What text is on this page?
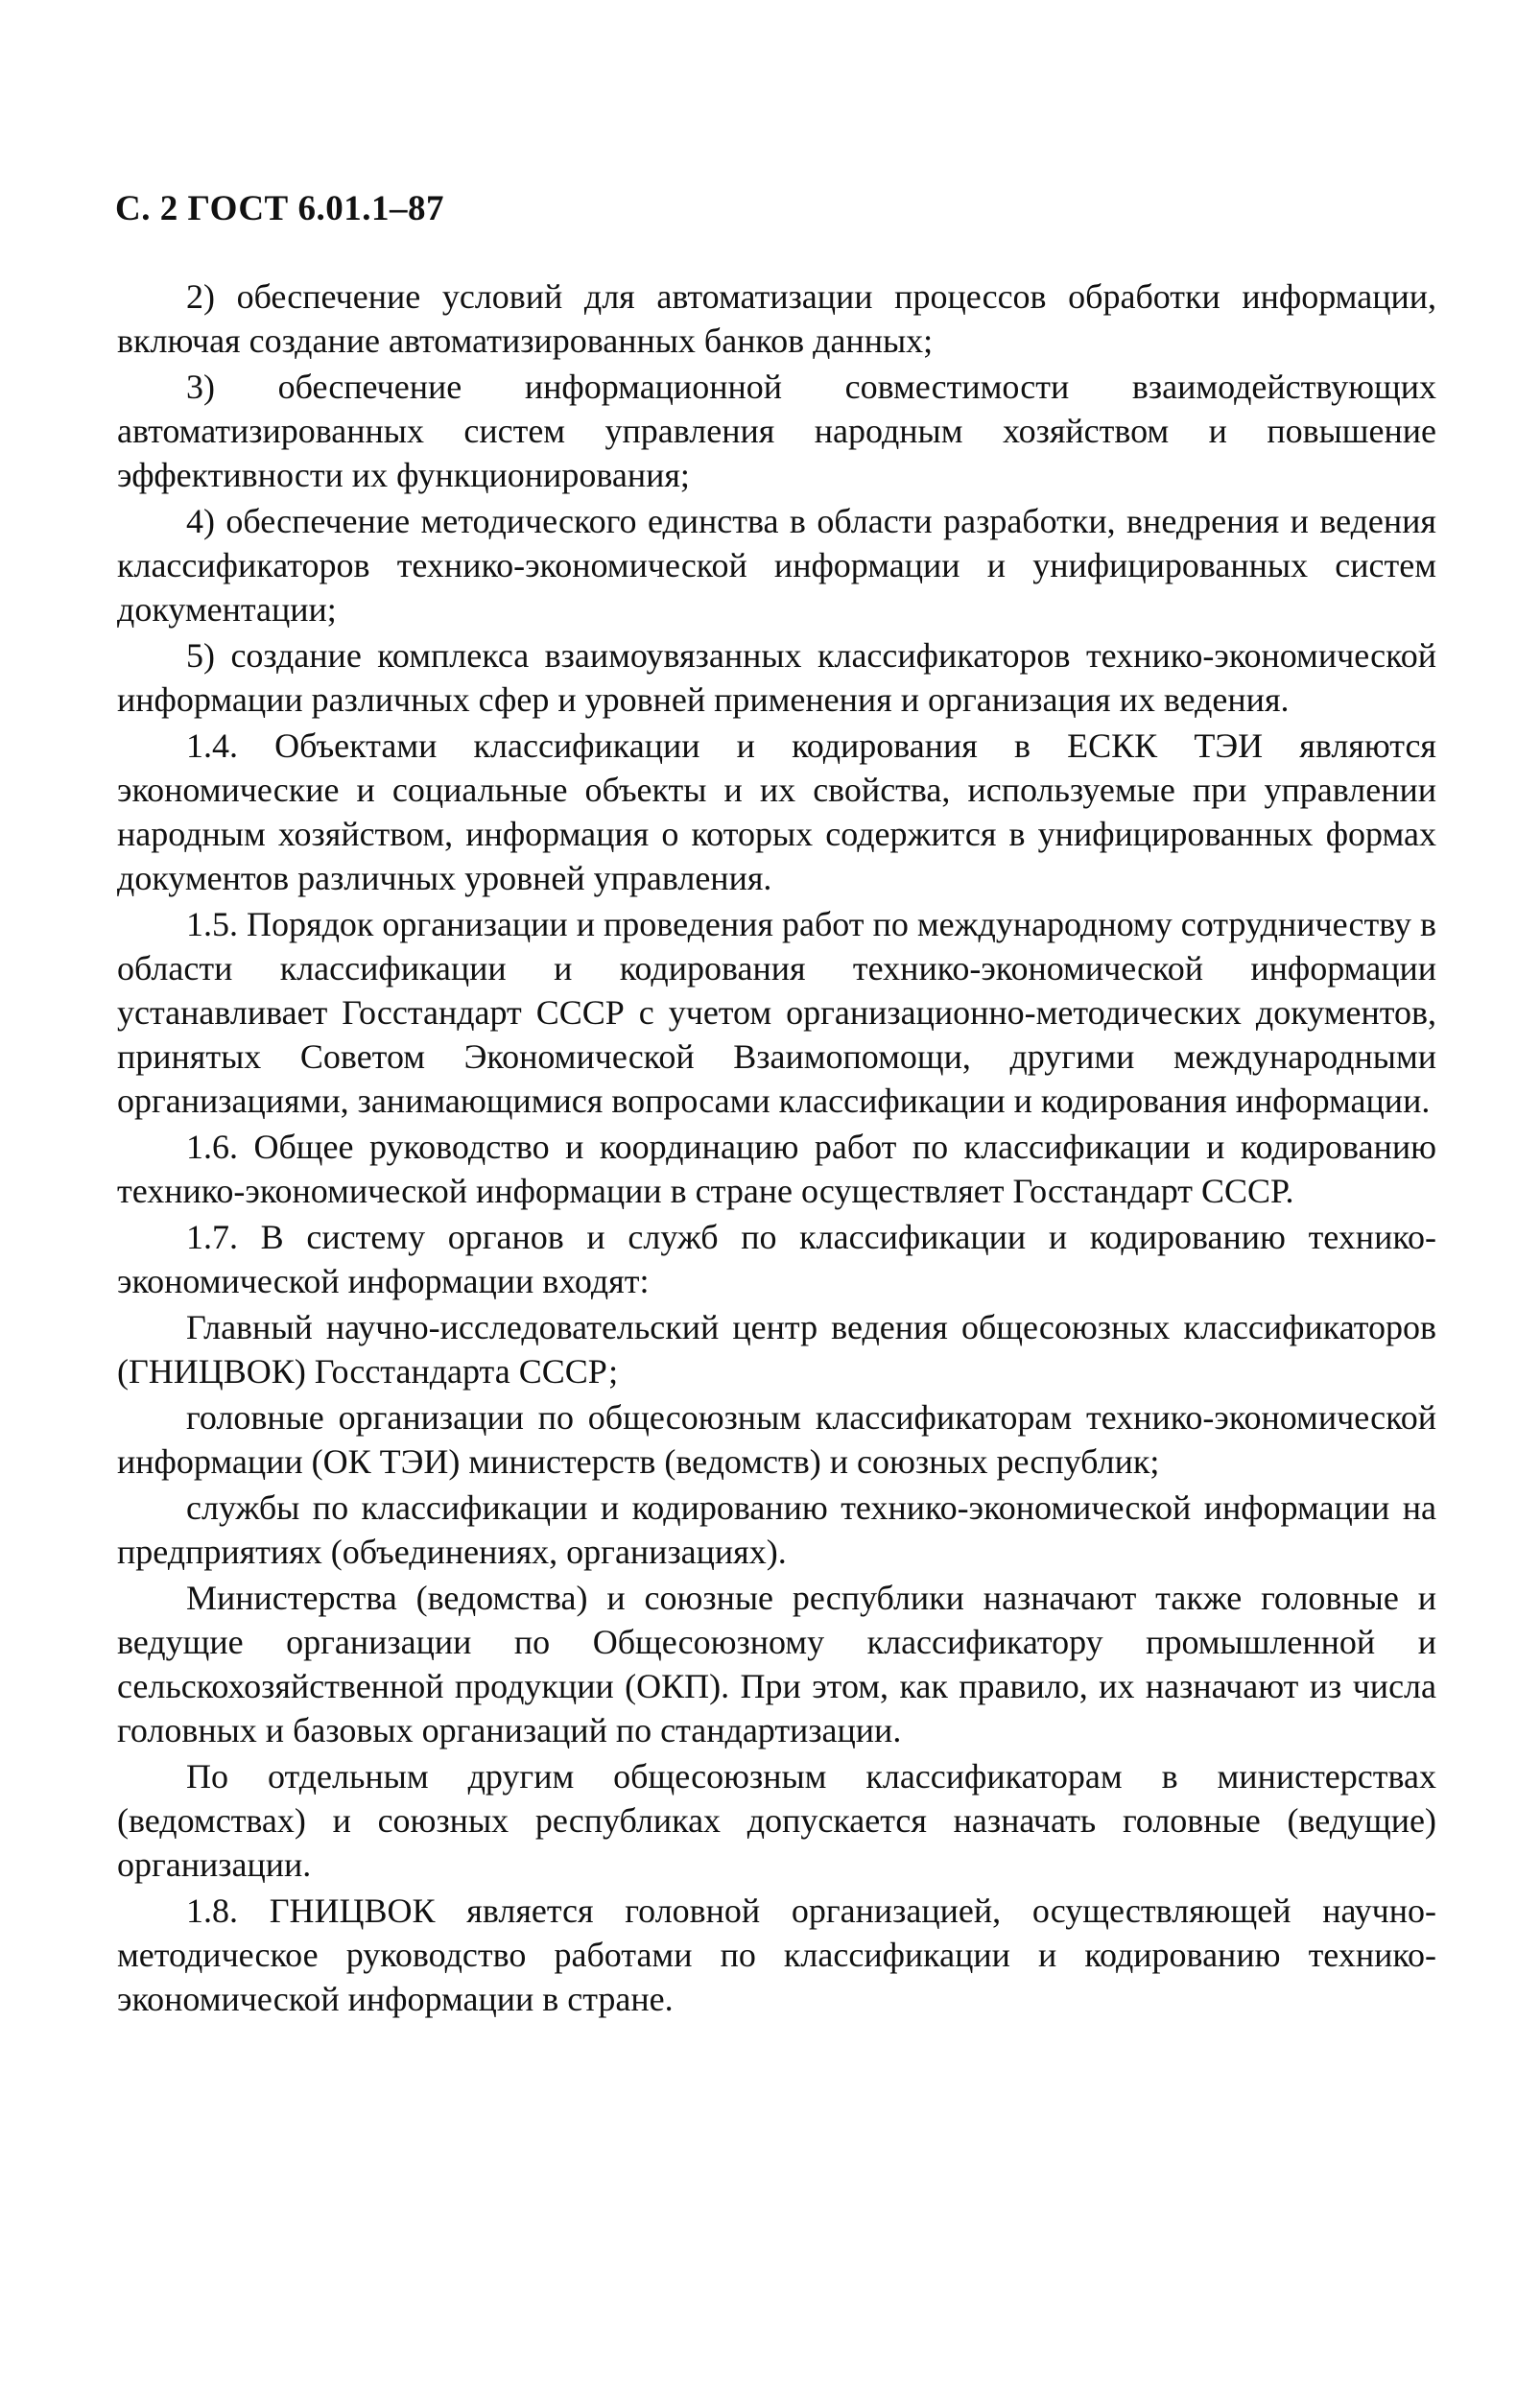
С. 2 ГОСТ 6.01.1–87

2) обеспечение условий для автоматизации процессов обработки информации, включая создание автоматизированных банков данных;

3) обеспечение информационной совместимости взаимодействующих автоматизированных систем управления народным хозяйством и повышение эффективности их функционирования;

4) обеспечение методического единства в области разработки, внедрения и ведения классификаторов технико-экономической информации и унифицированных систем документации;

5) создание комплекса взаимоувязанных классификаторов технико-экономической информации различных сфер и уровней применения и организация их ведения.

1.4. Объектами классификации и кодирования в ЕСКК ТЭИ являются экономические и социальные объекты и их свойства, используемые при управлении народным хозяйством, информация о которых содержится в унифицированных формах документов различных уровней управления.

1.5. Порядок организации и проведения работ по международному сотрудничеству в области классификации и кодирования технико-экономической информации устанавливает Госстандарт СССР с учетом организационно-методических документов, принятых Советом Экономической Взаимопомощи, другими международными организациями, занимающимися вопросами классификации и кодирования информации.

1.6. Общее руководство и координацию работ по классификации и кодированию технико-экономической информации в стране осуществляет Госстандарт СССР.

1.7. В систему органов и служб по классификации и кодированию технико-экономической информации входят:

Главный научно-исследовательский центр ведения общесоюзных классификаторов (ГНИЦВОК) Госстандарта СССР;

головные организации по общесоюзным классификаторам технико-экономической информации (ОК ТЭИ) министерств (ведомств) и союзных республик;

службы по классификации и кодированию технико-экономической информации на предприятиях (объединениях, организациях).

Министерства (ведомства) и союзные республики назначают также головные и ведущие организации по Общесоюзному классификатору промышленной и сельскохозяйственной продукции (ОКП). При этом, как правило, их назначают из числа головных и базовых организаций по стандартизации.

По отдельным другим общесоюзным классификаторам в министерствах (ведомствах) и союзных республиках допускается назначать головные (ведущие) организации.

1.8. ГНИЦВОК является головной организацией, осуществляющей научно-методическое руководство работами по классификации и кодированию технико-экономической информации в стране.
